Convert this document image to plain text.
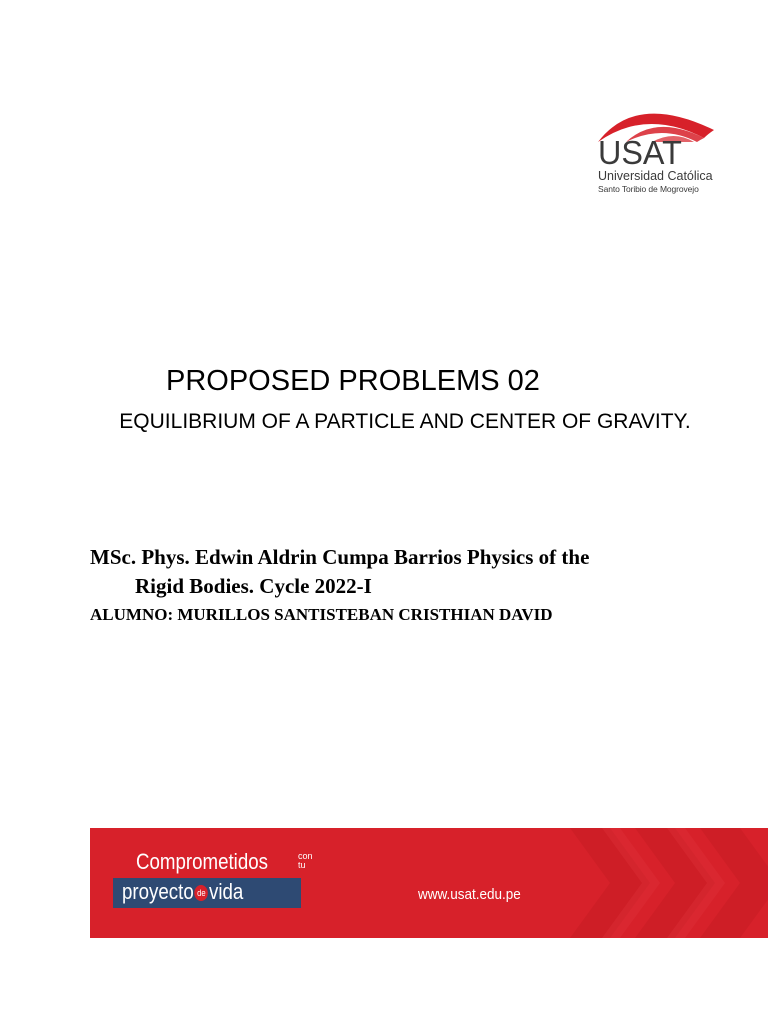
USAT
Universidad Católica
Santo Toribio de Mogrovejo
PROPOSED PROBLEMS 02
EQUILIBRIUM OF A PARTICLE AND CENTER OF GRAVITY.

MSc. Phys. Edwin Aldrin Cumpa Barrios Physics of the
Rigid Bodies. Cycle 2022-I

ALUMNO: MURILLOS SANTISTEBAN CRISTHIAN DAVID

Comprometidos	con tu
proyecto de vida	www.usat.edu.pe
